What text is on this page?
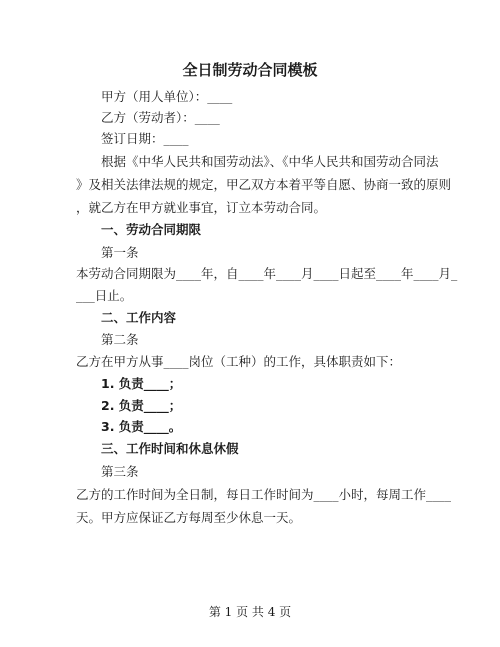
全日制劳动合同模板
甲方（用人单位）：____
乙方（劳动者）：____
签订日期：____
根据《中华人民共和国劳动法》、《中华人民共和国劳动合同法
》及相关法律法规的规定，甲乙双方本着平等自愿、协商一致的原则
，就乙方在甲方就业事宜，订立本劳动合同。
一、劳动合同期限
第一条
本劳动合同期限为____年，自____年____月____日起至____年____月_
___日止。
二、工作内容
第二条
乙方在甲方从事____岗位（工种）的工作，具体职责如下：
1. 负责____；
2. 负责____；
3. 负责____。
三、工作时间和休息休假
第三条
乙方的工作时间为全日制，每日工作时间为____小时，每周工作____
天。甲方应保证乙方每周至少休息一天。
第 1 页 共 4 页
